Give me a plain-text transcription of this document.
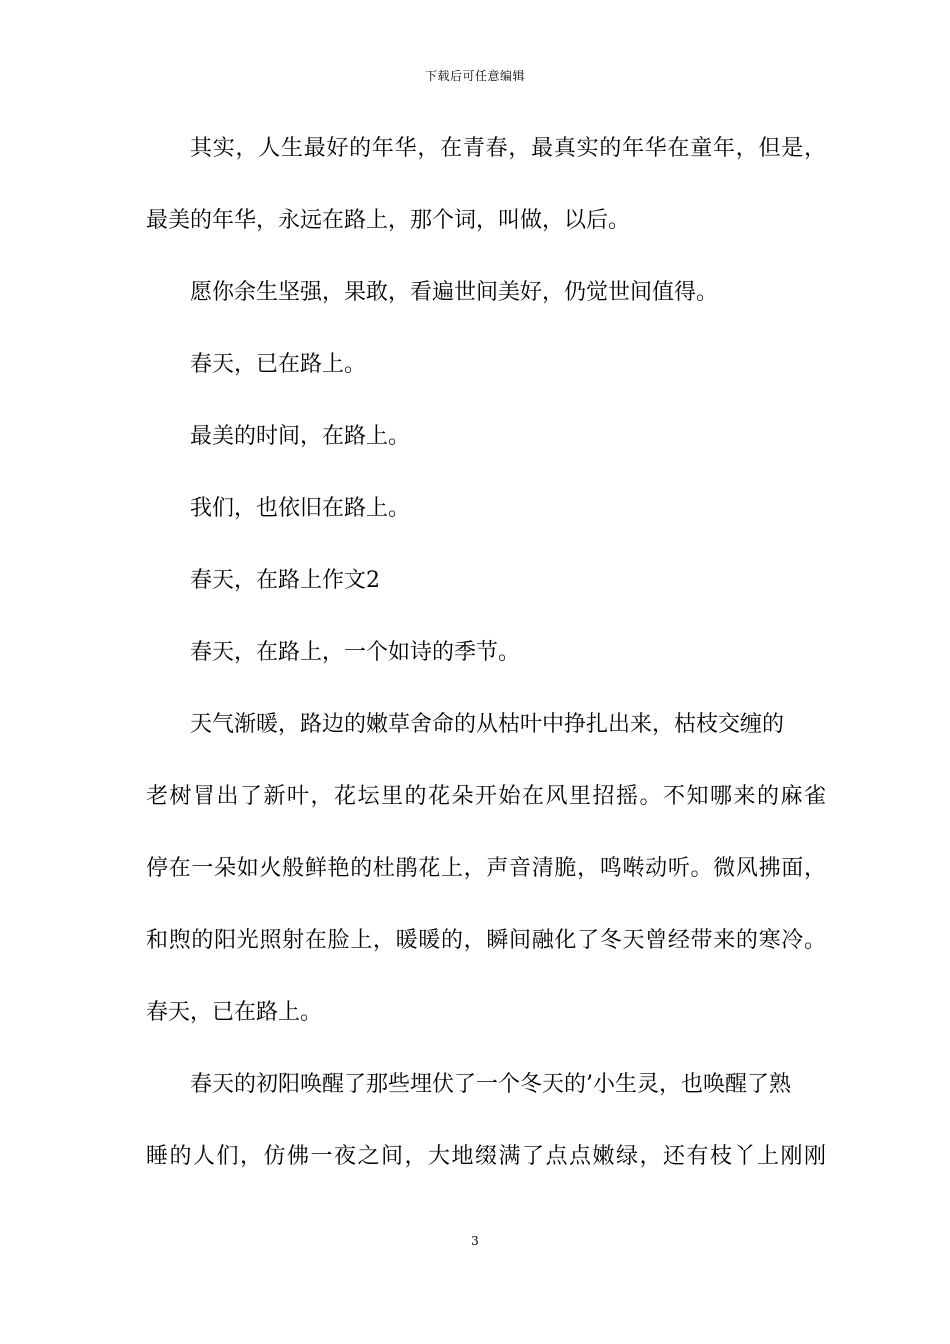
下载后可任意编辑
其实，人生最好的年华，在青春，最真实的年华在童年，但是，
最美的年华，永远在路上，那个词，叫做，以后。
愿你余生坚强，果敢，看遍世间美好，仍觉世间值得。
春天，已在路上。
最美的时间，在路上。
我们，也依旧在路上。
春天，在路上作文2
春天，在路上，一个如诗的季节。
天气渐暖，路边的嫩草舍命的从枯叶中挣扎出来，枯枝交缠的
老树冒出了新叶，花坛里的花朵开始在风里招摇。不知哪来的麻雀
停在一朵如火般鲜艳的杜鹃花上，声音清脆，鸣啭动听。微风拂面，
和煦的阳光照射在脸上，暖暖的，瞬间融化了冬天曾经带来的寒冷。
春天，已在路上。
春天的初阳唤醒了那些埋伏了一个冬天的’小生灵，也唤醒了熟
睡的人们，仿佛一夜之间，大地缀满了点点嫩绿，还有枝丫上刚刚
3
